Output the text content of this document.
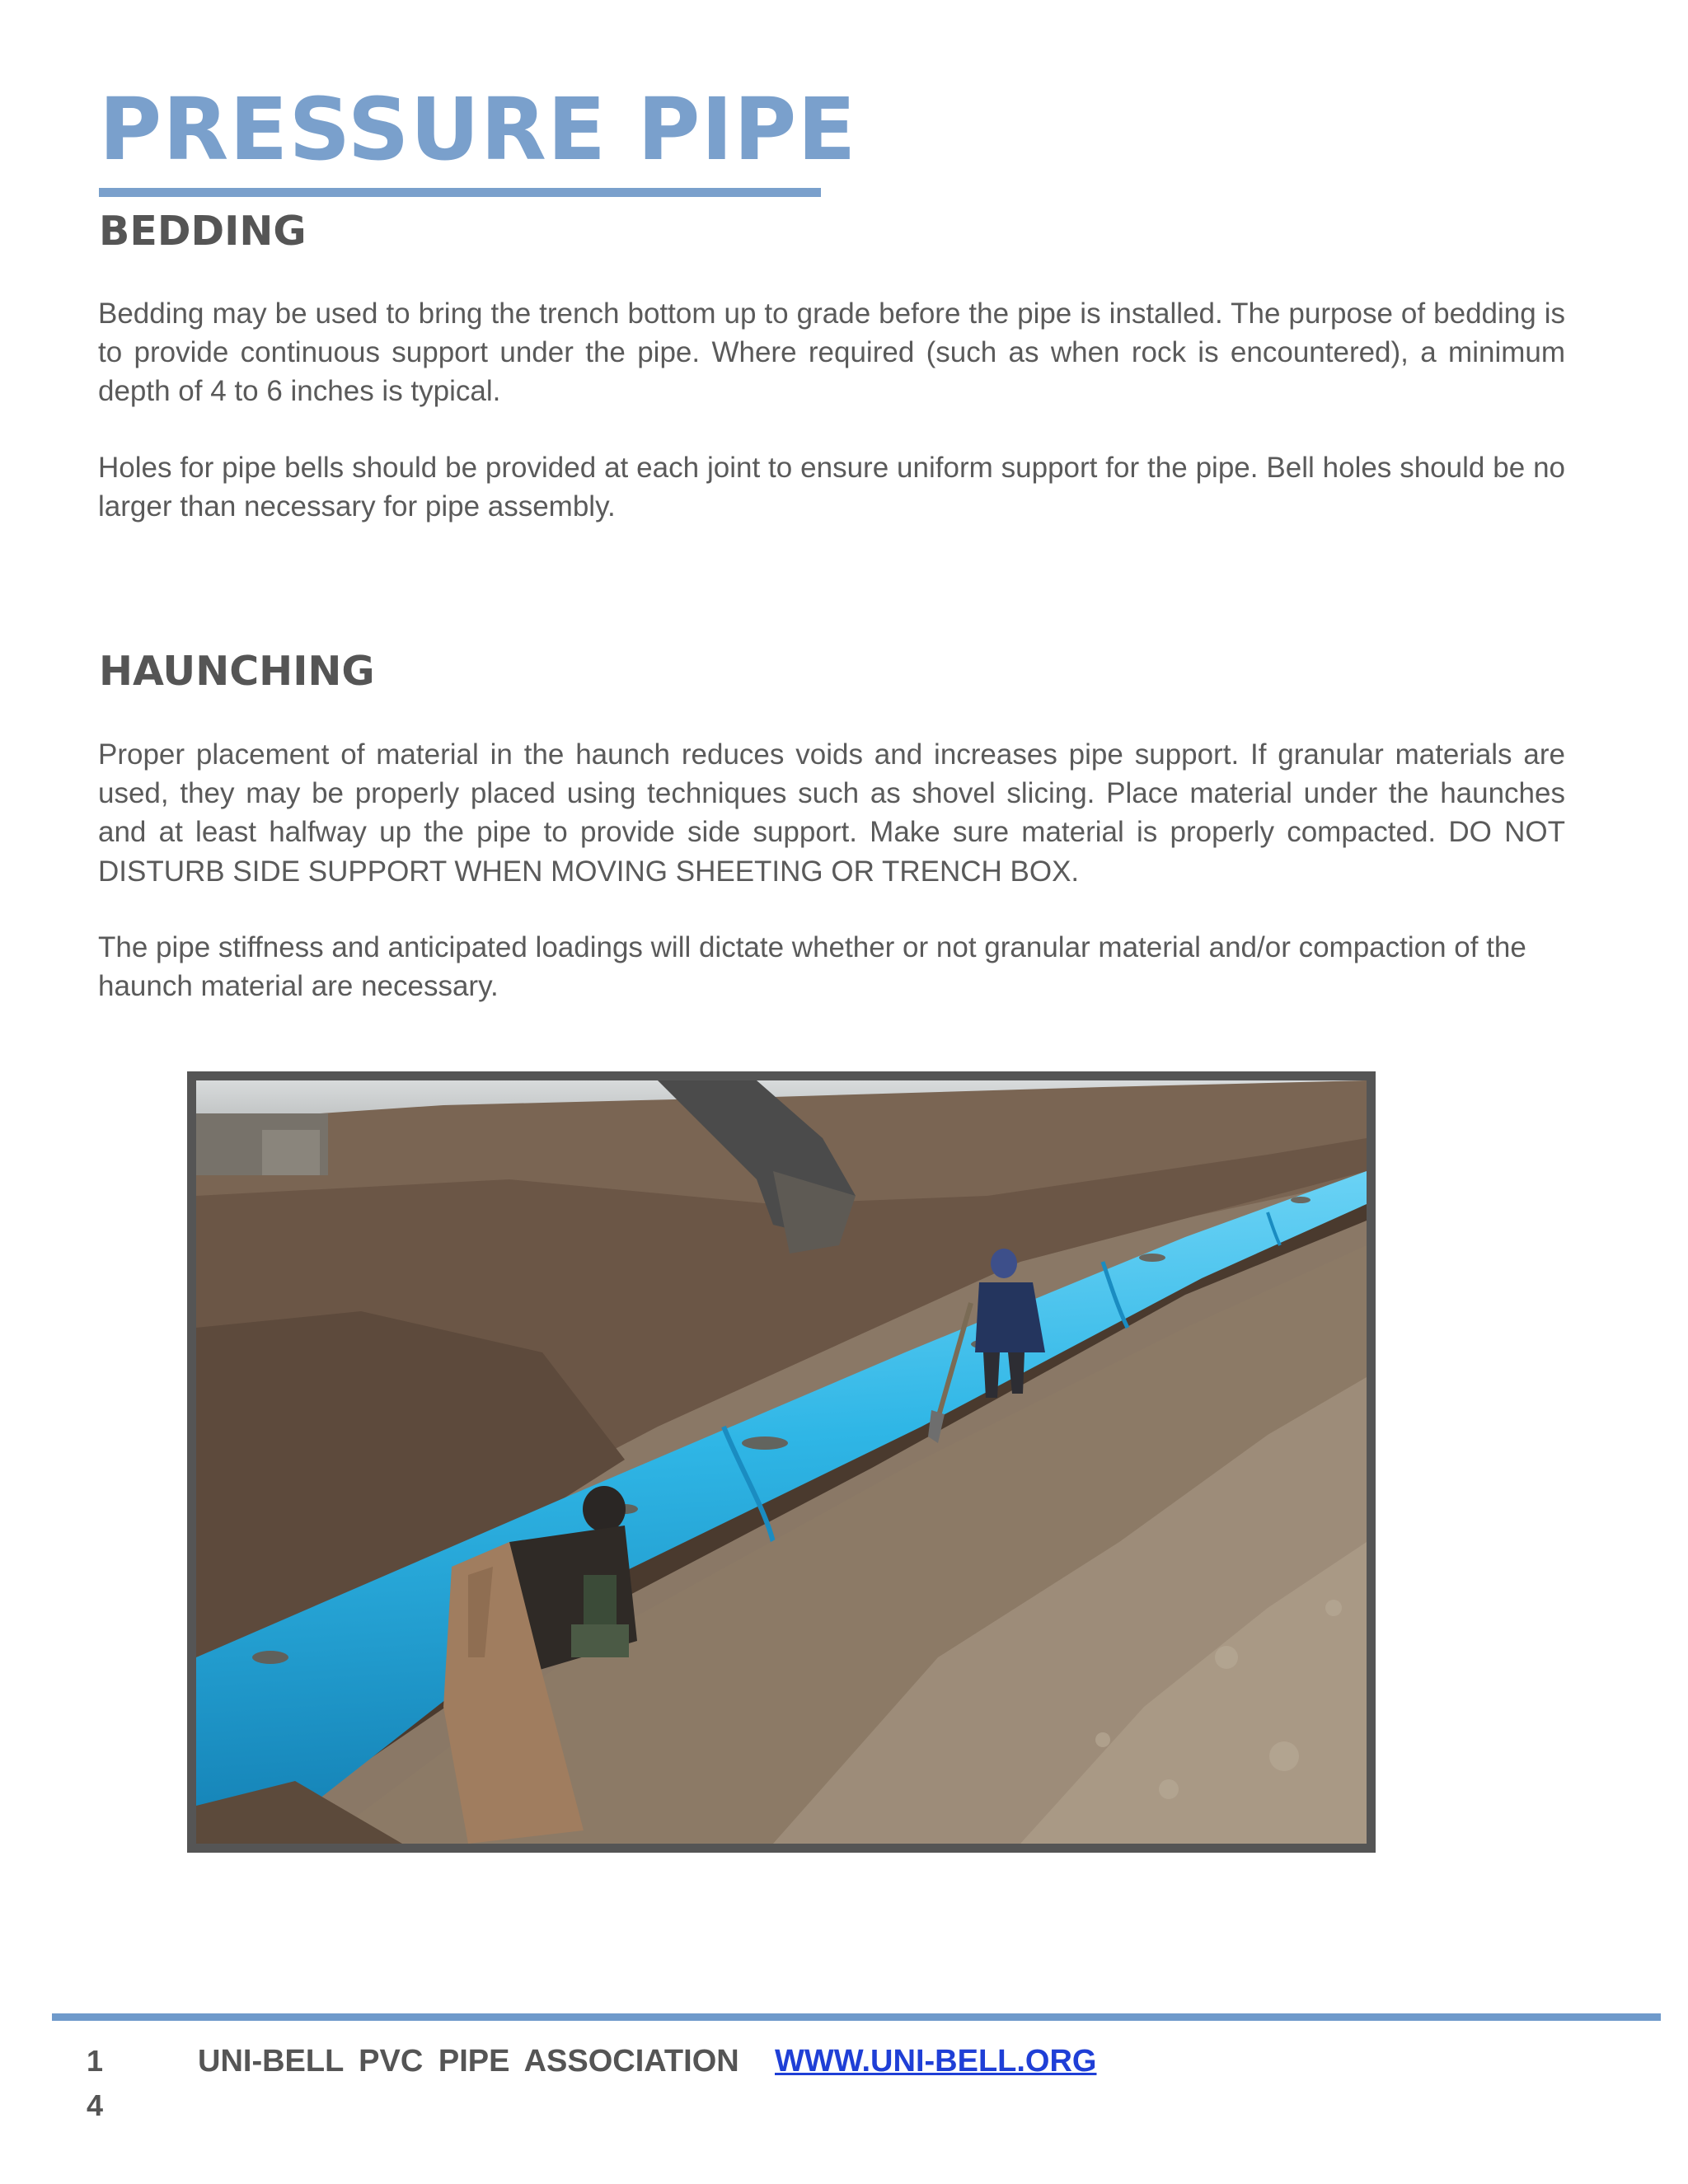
PRESSURE PIPE
BEDDING

Bedding may be used to bring the trench bottom up to grade before the pipe is installed. The purpose of bedding is to provide continuous support under the pipe. Where required (such as when rock is encountered), a minimum depth of 4 to 6 inches is typical.

Holes for pipe bells should be provided at each joint to ensure uniform support for the pipe. Bell holes should be no larger than necessary for pipe assembly.

HAUNCHING

Proper placement of material in the haunch reduces voids and increases pipe support. If granular materials are used, they may be properly placed using techniques such as shovel slicing. Place material under the haunches and at least halfway up the pipe to provide side support. Make sure material is properly compacted. DO NOT DISTURB SIDE SUPPORT WHEN MOVING SHEETING OR TRENCH BOX.

The pipe stiffness and anticipated loadings will dictate whether or not granular material and/or compaction of the haunch material are necessary.

14
UNI-BELL PVC PIPE ASSOCIATION WWW.UNI-BELL.ORG
